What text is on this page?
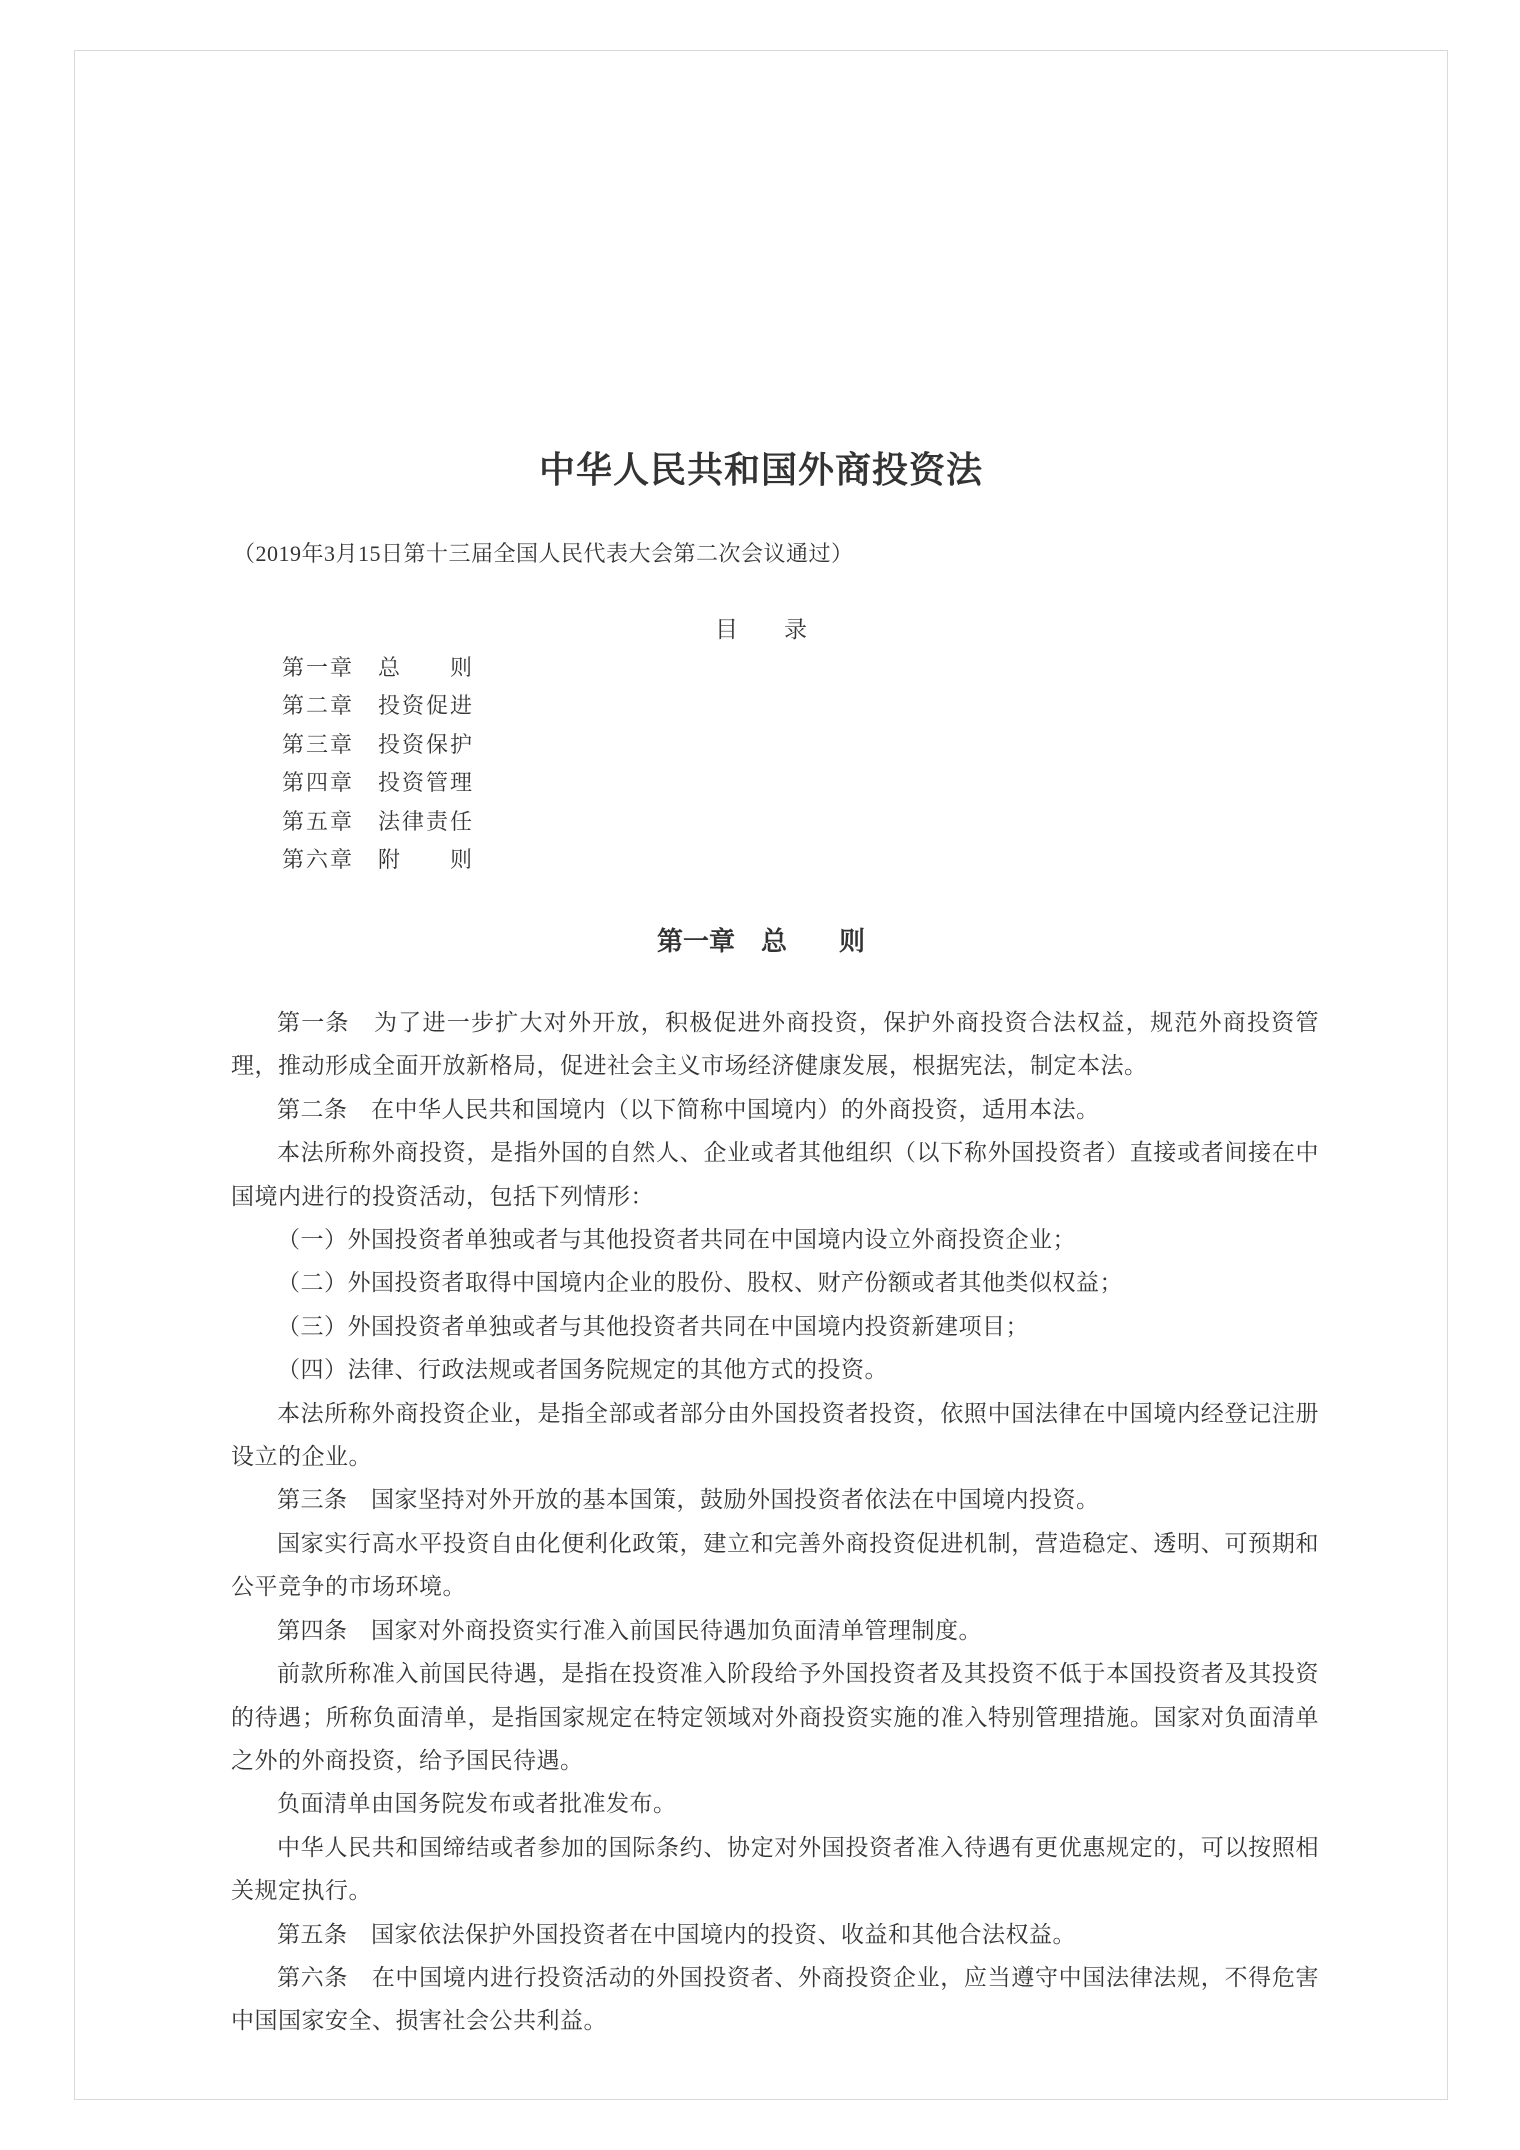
中华人民共和国外商投资法

（2019年3月15日第十三届全国人民代表大会第二次会议通过）

目　　录
第一章　总　　则
第二章　投资促进
第三章　投资保护
第四章　投资管理
第五章　法律责任
第六章　附　　则
第一章　总　　则

第一条　为了进一步扩大对外开放，积极促进外商投资，保护外商投资合法权益，规范外商投资管理，推动形成全面开放新格局，促进社会主义市场经济健康发展，根据宪法，制定本法。

第二条　在中华人民共和国境内（以下简称中国境内）的外商投资，适用本法。

本法所称外商投资，是指外国的自然人、企业或者其他组织（以下称外国投资者）直接或者间接在中国境内进行的投资活动，包括下列情形：

（一）外国投资者单独或者与其他投资者共同在中国境内设立外商投资企业；

（二）外国投资者取得中国境内企业的股份、股权、财产份额或者其他类似权益；

（三）外国投资者单独或者与其他投资者共同在中国境内投资新建项目；

（四）法律、行政法规或者国务院规定的其他方式的投资。

本法所称外商投资企业，是指全部或者部分由外国投资者投资，依照中国法律在中国境内经登记注册设立的企业。

第三条　国家坚持对外开放的基本国策，鼓励外国投资者依法在中国境内投资。

国家实行高水平投资自由化便利化政策，建立和完善外商投资促进机制，营造稳定、透明、可预期和公平竞争的市场环境。

第四条　国家对外商投资实行准入前国民待遇加负面清单管理制度。

前款所称准入前国民待遇，是指在投资准入阶段给予外国投资者及其投资不低于本国投资者及其投资的待遇；所称负面清单，是指国家规定在特定领域对外商投资实施的准入特别管理措施。国家对负面清单之外的外商投资，给予国民待遇。

负面清单由国务院发布或者批准发布。

中华人民共和国缔结或者参加的国际条约、协定对外国投资者准入待遇有更优惠规定的，可以按照相关规定执行。

第五条　国家依法保护外国投资者在中国境内的投资、收益和其他合法权益。

第六条　在中国境内进行投资活动的外国投资者、外商投资企业，应当遵守中国法律法规，不得危害中国国家安全、损害社会公共利益。
